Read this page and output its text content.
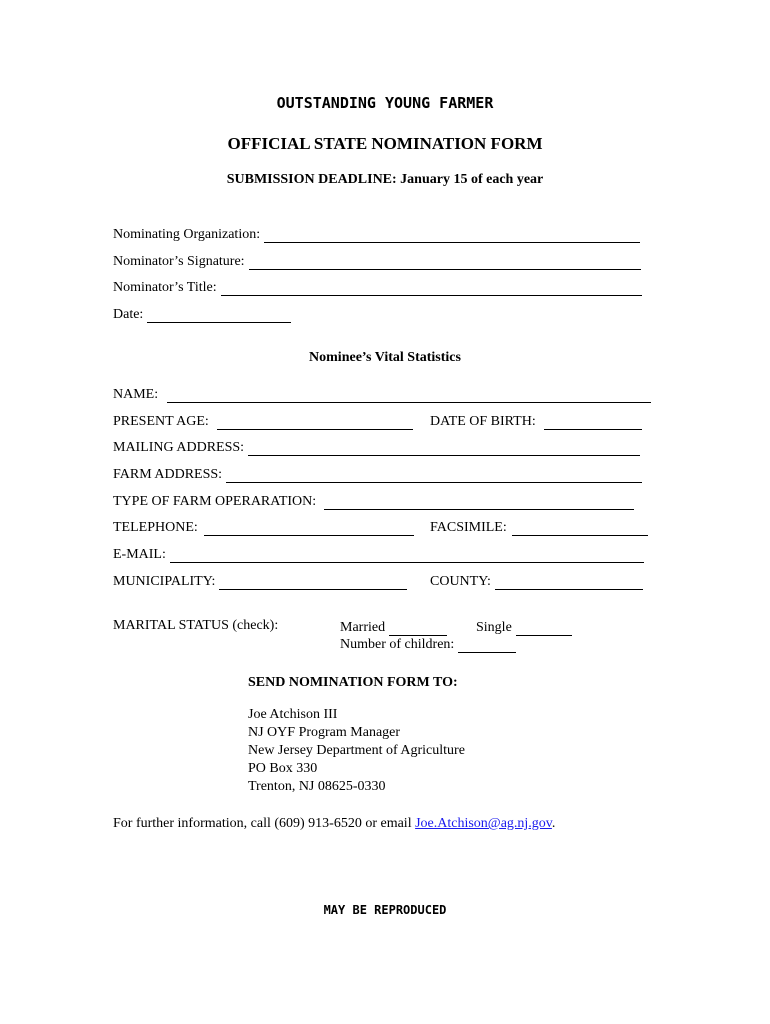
OUTSTANDING YOUNG FARMER
OFFICIAL STATE NOMINATION FORM
SUBMISSION DEADLINE: January 15 of each year
Nominating Organization:
Nominator’s Signature:
Nominator’s Title:
Date:
Nominee’s Vital Statistics
NAME:
PRESENT AGE:	DATE OF BIRTH:
MAILING ADDRESS:
FARM ADDRESS:
TYPE OF FARM OPERARATION:
TELEPHONE:	FACSIMILE:
E-MAIL:
MUNICIPALITY:	COUNTY:
MARITAL STATUS (check):	Married	Single
Number of children:
SEND NOMINATION FORM TO:
Joe Atchison III
NJ OYF Program Manager
New Jersey Department of Agriculture
PO Box 330
Trenton, NJ 08625-0330
For further information, call (609) 913-6520 or email Joe.Atchison@ag.nj.gov.
MAY BE REPRODUCED
